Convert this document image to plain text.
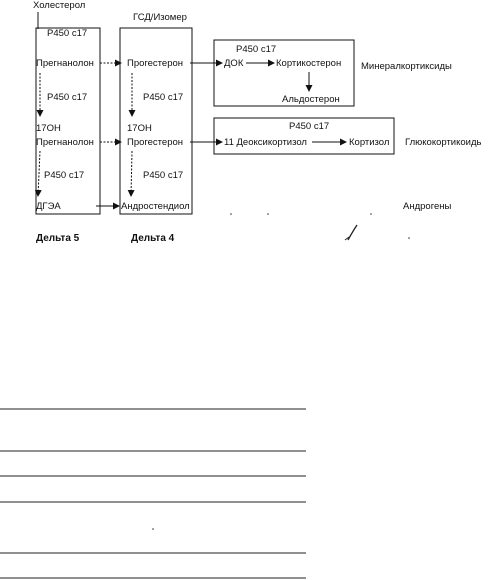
Холестерол
P450 c17
Прегнанолон
P450 c17
17ОН
Прегнанолон
P450 c17
ДГЭА
ГСД/Изомер
Прогестерон
P450 c17
17ОН
Прогестерон
P450 c17
Андростендиол
P450 c17
ДОК	Кортикостерон
Альдостерон
Минералкортиксиды
P450 c17
11 Деоксикортизол	Кортизол Глюкокортикоидь
Андрогены
Дельта 5	Дельта 4
